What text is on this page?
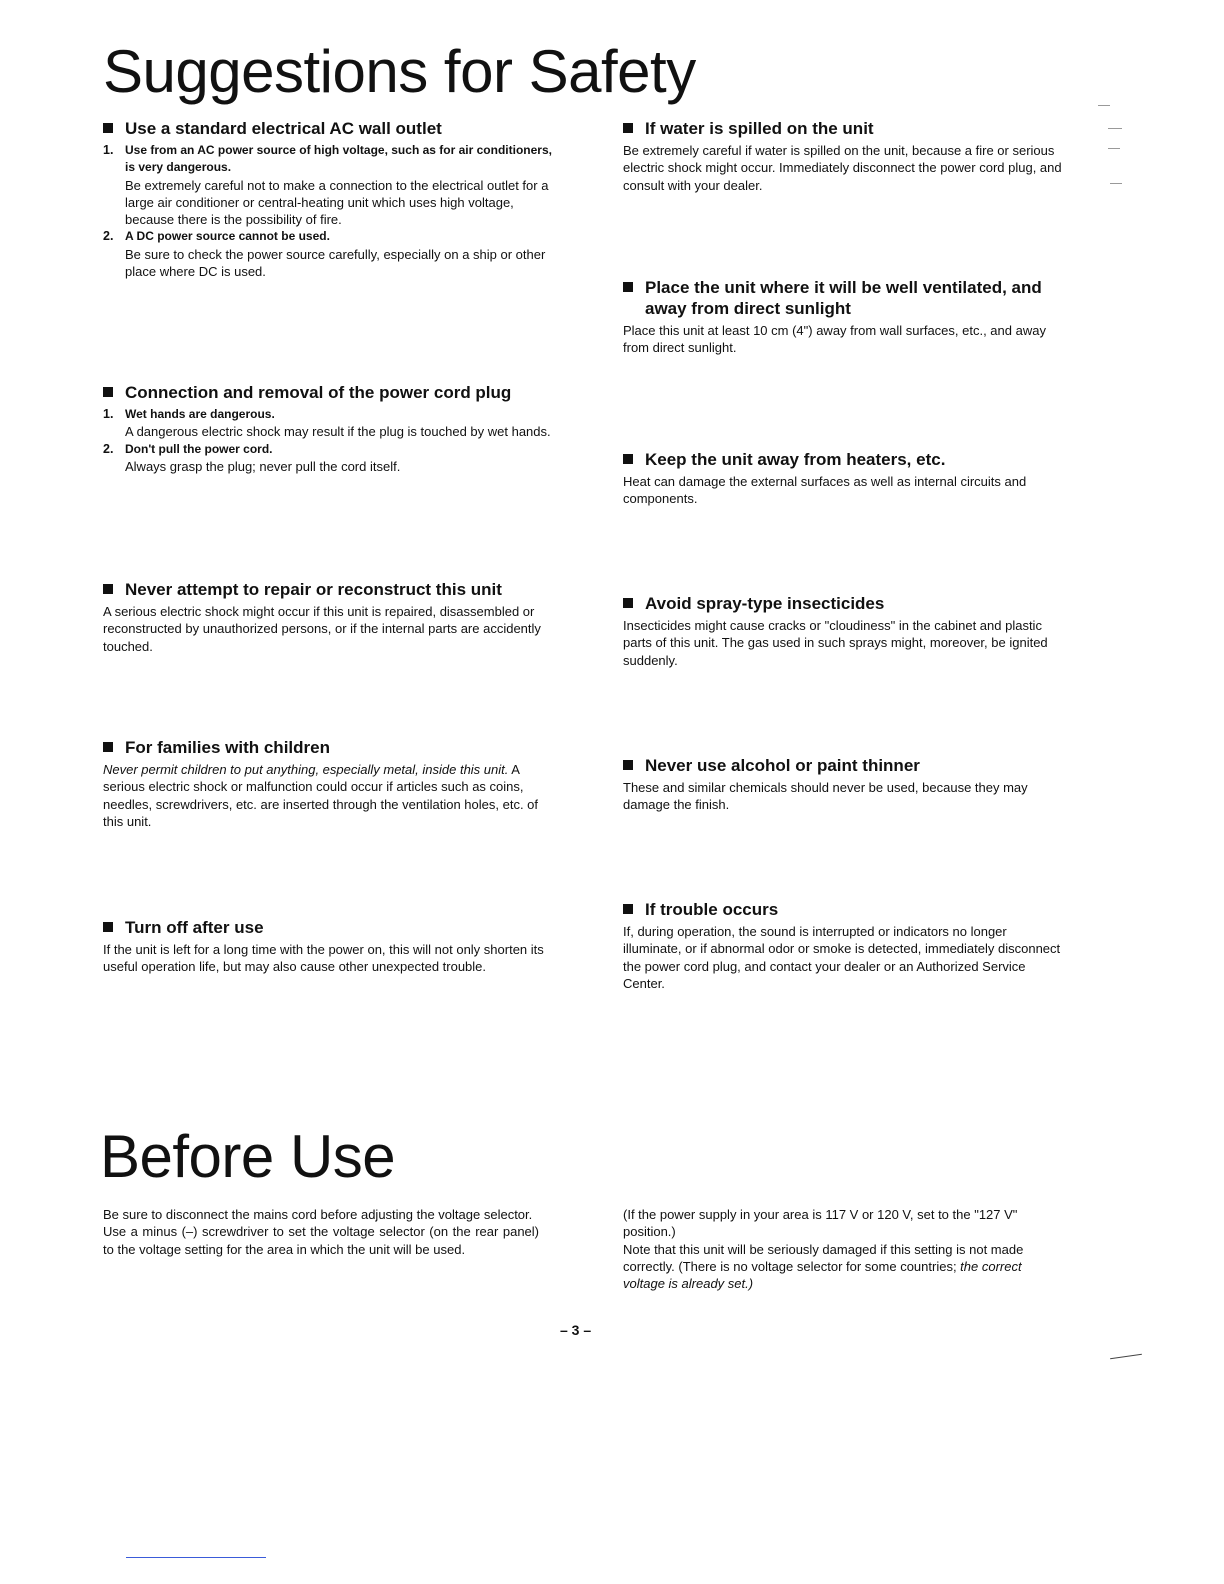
Suggestions for Safety
Use a standard electrical AC wall outlet
1. Use from an AC power source of high voltage, such as for air conditioners, is very dangerous.

Be extremely careful not to make a connection to the electrical outlet for a large air conditioner or central-heating unit which uses high voltage, because there is the possibility of fire.

2. A DC power source cannot be used.

Be sure to check the power source carefully, especially on a ship or other place where DC is used.

Connection and removal of the power cord plug
1. Wet hands are dangerous.

A dangerous electric shock may result if the plug is touched by wet hands.

2. Don't pull the power cord.

Always grasp the plug; never pull the cord itself.

Never attempt to repair or reconstruct this unit

A serious electric shock might occur if this unit is repaired, disassembled or reconstructed by unauthorized persons, or if the internal parts are accidently touched.

For families with children

Never permit children to put anything, especially metal, inside this unit. A serious electric shock or malfunction could occur if articles such as coins, needles, screwdrivers, etc. are inserted through the ventilation holes, etc. of this unit.

Turn off after use

If the unit is left for a long time with the power on, this will not only shorten its useful operation life, but may also cause other unexpected trouble.

If water is spilled on the unit

Be extremely careful if water is spilled on the unit, because a fire or serious electric shock might occur. Immediately disconnect the power cord plug, and consult with your dealer.

Place the unit where it will be well ventilated, and away from direct sunlight

Place this unit at least 10 cm (4") away from wall surfaces, etc., and away from direct sunlight.

Keep the unit away from heaters, etc.

Heat can damage the external surfaces as well as internal circuits and components.

Avoid spray-type insecticides

Insecticides might cause cracks or "cloudiness" in the cabinet and plastic parts of this unit. The gas used in such sprays might, moreover, be ignited suddenly.

Never use alcohol or paint thinner

These and similar chemicals should never be used, because they may damage the finish.

If trouble occurs

If, during operation, the sound is interrupted or indicators no longer illuminate, or if abnormal odor or smoke is detected, immediately disconnect the power cord plug, and contact your dealer or an Authorized Service Center.

Before Use

Be sure to disconnect the mains cord before adjusting the voltage selector.

Use a minus (–) screwdriver to set the voltage selector (on the rear panel) to the voltage setting for the area in which the unit will be used.

(If the power supply in your area is 117 V or 120 V, set to the "127 V" position.)

Note that this unit will be seriously damaged if this setting is not made correctly. (There is no voltage selector for some countries; the correct voltage is already set.)

– 3 –
